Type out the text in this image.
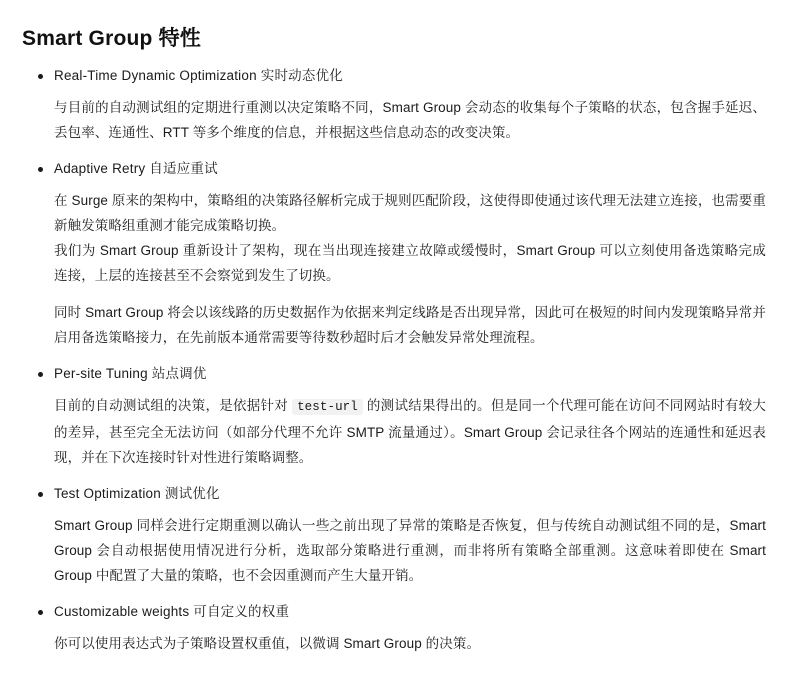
Smart Group 特性
Real-Time Dynamic Optimization 实时动态优化

与目前的自动测试组的定期进行重测以决定策略不同，Smart Group 会动态的收集每个子策略的状态，包含握手延迟、丢包率、连通性、RTT 等多个维度的信息，并根据这些信息动态的改变决策。

Adaptive Retry 自适应重试

在 Surge 原来的架构中，策略组的决策路径解析完成于规则匹配阶段，这使得即使通过该代理无法建立连接，也需要重新触发策略组重测才能完成策略切换。

我们为 Smart Group 重新设计了架构，现在当出现连接建立故障或缓慢时，Smart Group 可以立刻使用备选策略完成连接，上层的连接甚至不会察觉到发生了切换。

同时 Smart Group 将会以该线路的历史数据作为依据来判定线路是否出现异常，因此可在极短的时间内发现策略异常并启用备选策略接力，在先前版本通常需要等待数秒超时后才会触发异常处理流程。

Per-site Tuning 站点调优

目前的自动测试组的决策，是依据针对 test-url 的测试结果得出的。但是同一个代理可能在访问不同网站时有较大的差异，甚至完全无法访问（如部分代理不允许 SMTP 流量通过）。Smart Group 会记录往各个网站的连通性和延迟表现，并在下次连接时针对性进行策略调整。

Test Optimization 测试优化

Smart Group 同样会进行定期重测以确认一些之前出现了异常的策略是否恢复，但与传统自动测试组不同的是，Smart Group 会自动根据使用情况进行分析，选取部分策略进行重测，而非将所有策略全部重测。这意味着即使在 Smart Group 中配置了大量的策略，也不会因重测而产生大量开销。

Customizable weights 可自定义的权重

你可以使用表达式为子策略设置权重值，以微调 Smart Group 的决策。
